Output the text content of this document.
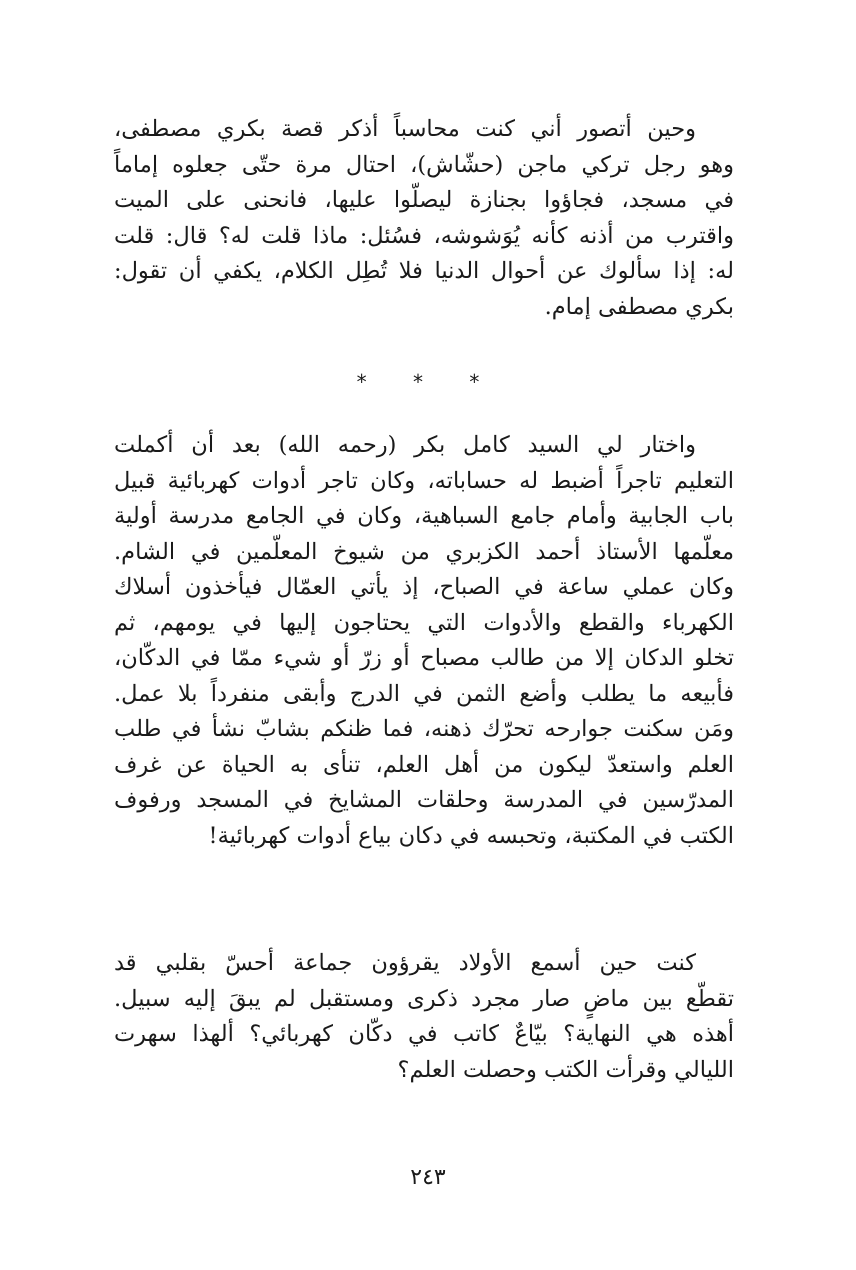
وحين أتصور أني كنت محاسباً أذكر قصة بكري مصطفى،
وهو رجل تركي ماجن (حشّاش)، احتال مرة حتّى جعلوه إماماً
في مسجد، فجاؤوا بجنازة ليصلّوا عليها، فانحنى على الميت
واقترب من أذنه كأنه يُوَشوشه، فسُئل: ماذا قلت له؟ قال: قلت
له: إذا سألوك عن أحوال الدنيا فلا تُطِل الكلام، يكفي أن تقول:
بكري مصطفى إمام.
* * *
واختار لي السيد كامل بكر (رحمه الله) بعد أن أكملت
التعليم تاجراً أضبط له حساباته، وكان تاجر أدوات كهربائية قبيل
باب الجابية وأمام جامع السباهية، وكان في الجامع مدرسة أولية
معلّمها الأستاذ أحمد الكزبري من شيوخ المعلّمين في الشام.
وكان عملي ساعة في الصباح، إذ يأتي العمّال فيأخذون أسلاك
الكهرباء والقطع والأدوات التي يحتاجون إليها في يومهم، ثم
تخلو الدكان إلا من طالب مصباح أو زرّ أو شيء ممّا في الدكّان،
فأبيعه ما يطلب وأضع الثمن في الدرج وأبقى منفرداً بلا عمل.
ومَن سكنت جوارحه تحرّك ذهنه، فما ظنكم بشابّ نشأ في طلب
العلم واستعدّ ليكون من أهل العلم، تنأى به الحياة عن غرف
المدرّسين في المدرسة وحلقات المشايخ في المسجد ورفوف
الكتب في المكتبة، وتحبسه في دكان بياع أدوات كهربائية!
كنت حين أسمع الأولاد يقرؤون جماعة أحسّ بقلبي قد
تقطّع بين ماضٍ صار مجرد ذكرى ومستقبل لم يبقَ إليه سبيل.
أهذه هي النهاية؟ بيّاعٌ كاتب في دكّان كهربائي؟ ألهذا سهرت
الليالي وقرأت الكتب وحصلت العلم؟
٢٤٣
